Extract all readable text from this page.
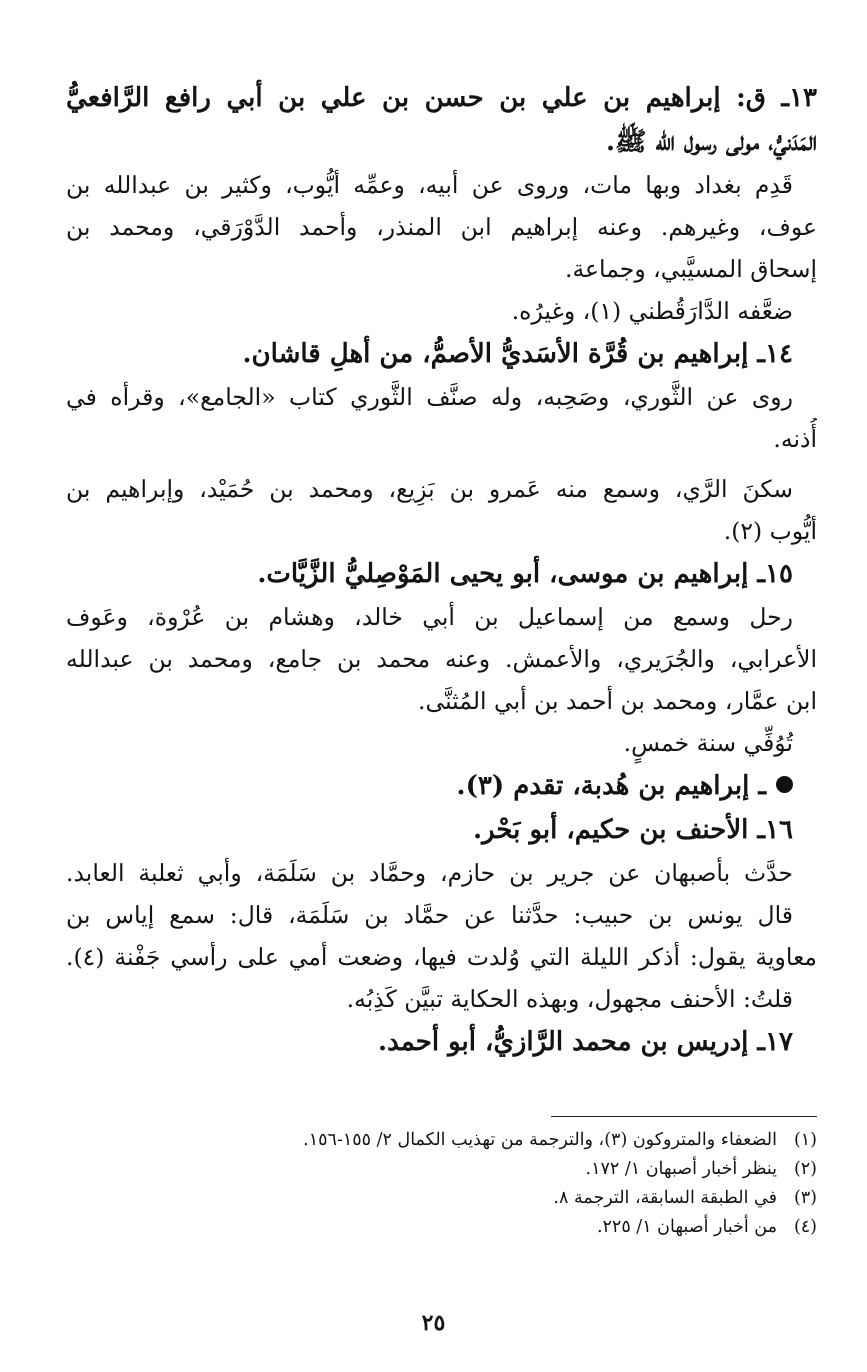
١٣ـ ق: إبراهيم بن علي بن حسن بن علي بن أبي رافع الرَّافعيُّ
المَدَنيُّ، مولى رسول الله ﷺ.
قَدِم بغداد وبها مات، وروى عن أبيه، وعمِّه أيُّوب، وكثير بن عبدالله بن
عوف، وغيرهم. وعنه إبراهيم ابن المنذر، وأحمد الدَّوْرَقي، ومحمد بن
إسحاق المسيَّبي، وجماعة.
ضعَّفه الدَّارَقُطني (١)، وغيرُه.
١٤ـ إبراهيم بن قُرَّة الأسَديُّ الأصمُّ، من أهلِ قاشان.
روى عن الثَّوري، وصَحِبه، وله صنَّف الثَّوري كتاب «الجامع»، وقرأه في
أُذنه.
سكنَ الرَّي، وسمع منه عَمرو بن بَزِيع، ومحمد بن حُمَيْد، وإبراهيم بن
أيُّوب (٢).
١٥ـ إبراهيم بن موسى، أبو يحيى المَوْصِليُّ الزَّيَّات.
رحل وسمع من إسماعيل بن أبي خالد، وهشام بن عُرْوة، وعَوف
الأعرابي، والجُرَيري، والأعمش. وعنه محمد بن جامع، ومحمد بن عبدالله
ابن عمَّار، ومحمد بن أحمد بن أبي المُثنَّى.
تُوُفِّي سنة خمسٍ.
ـ إبراهيم بن هُدبة، تقدم (٣).
١٦ـ الأحنف بن حكيم، أبو بَحْر.
حدَّث بأصبهان عن جرير بن حازم، وحمَّاد بن سَلَمَة، وأبي ثعلبة العابد.
قال يونس بن حبيب: حدَّثنا عن حمَّاد بن سَلَمَة، قال: سمع إياس بن
معاوية يقول: أذكر الليلة التي وُلدت فيها، وضعت أمي على رأسي جَفْنة (٤).
قلتُ: الأحنف مجهول، وبهذه الحكاية تبيَّن كَذِبُه.
١٧ـ إدريس بن محمد الرَّازيُّ، أبو أحمد.
(١)الضعفاء والمتروكون (٣)، والترجمة من تهذيب الكمال ٢/ ١٥٥-١٥٦.
(٢)ينظر أخبار أصبهان ١/ ١٧٢.
(٣)في الطبقة السابقة، الترجمة ٨.
(٤)من أخبار أصبهان ١/ ٢٢٥.
٢٥
